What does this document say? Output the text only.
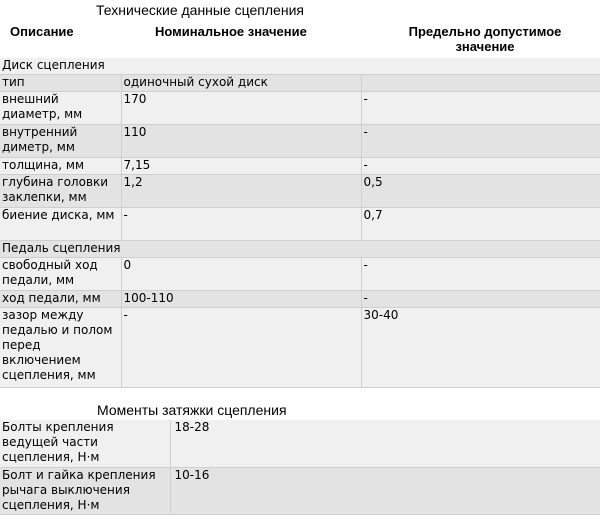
Технические данные сцепления
Описание	Номинальное значение	Предельно допустимое значение
Диск сцепления		
тип	одиночный сухой диск	
внешний диаметр, мм	170	-
внутренний диметр, мм	110	-
толщина, мм	7,15	-
глубина головки заклепки, мм	1,2	0,5
биение диска, мм	-	0,7
Педаль сцепления		
свободный ход педали, мм	0	-
ход педали, мм	100-110	-
зазор между педалью и полом перед включением сцепления, мм	-	30-40
Моменты затяжки сцепления
Болты крепления ведущей части сцепления, Н·м	18-28
Болт и гайка крепления рычага выключения сцепления, Н·м	10-16
